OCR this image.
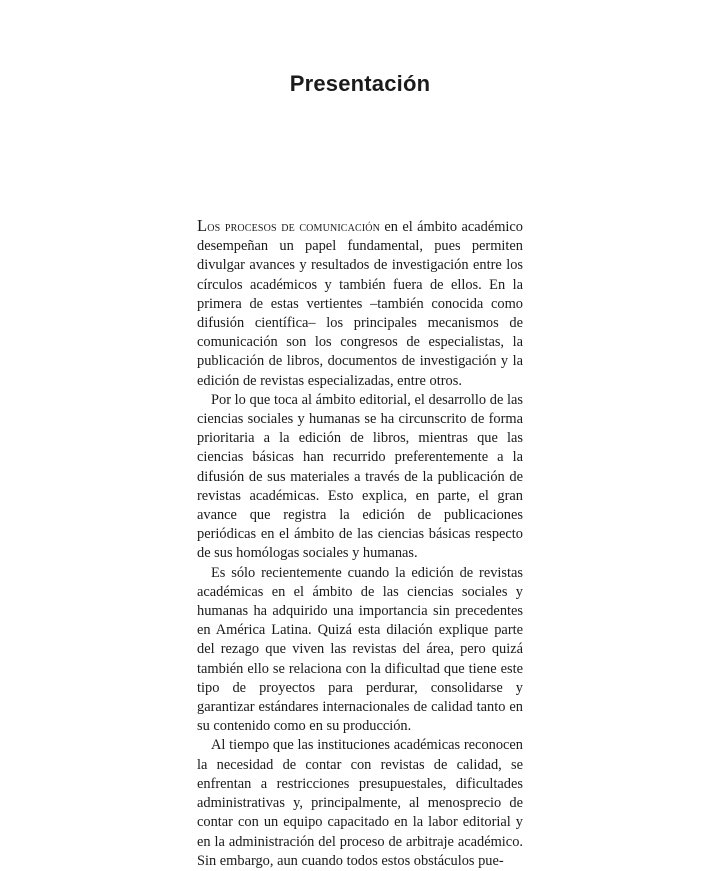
Presentación

Los procesos de comunicación en el ámbito académico desempeñan un papel fundamental, pues permiten divulgar avances y resultados de investigación entre los círculos académicos y también fuera de ellos. En la primera de estas vertientes –también conocida como difusión científica– los principales mecanismos de comunicación son los congresos de especialistas, la publicación de libros, documentos de investigación y la edición de revistas especializadas, entre otros.

Por lo que toca al ámbito editorial, el desarrollo de las ciencias sociales y humanas se ha circunscrito de forma prioritaria a la edición de libros, mientras que las ciencias básicas han recurrido preferentemente a la difusión de sus materiales a través de la publicación de revistas académicas. Esto explica, en parte, el gran avance que registra la edición de publicaciones periódicas en el ámbito de las ciencias básicas respecto de sus homólogas sociales y humanas.

Es sólo recientemente cuando la edición de revistas académicas en el ámbito de las ciencias sociales y humanas ha adquirido una importancia sin precedentes en América Latina. Quizá esta dilación explique parte del rezago que viven las revistas del área, pero quizá también ello se relaciona con la dificultad que tiene este tipo de proyectos para perdurar, consolidarse y garantizar estándares internacionales de calidad tanto en su contenido como en su producción.

Al tiempo que las instituciones académicas reconocen la necesidad de contar con revistas de calidad, se enfrentan a restricciones presupuestales, dificultades administrativas y, principalmente, al menosprecio de contar con un equipo capacitado en la labor editorial y en la administración del proceso de arbitraje académico. Sin embargo, aun cuando todos estos obstáculos pue-
